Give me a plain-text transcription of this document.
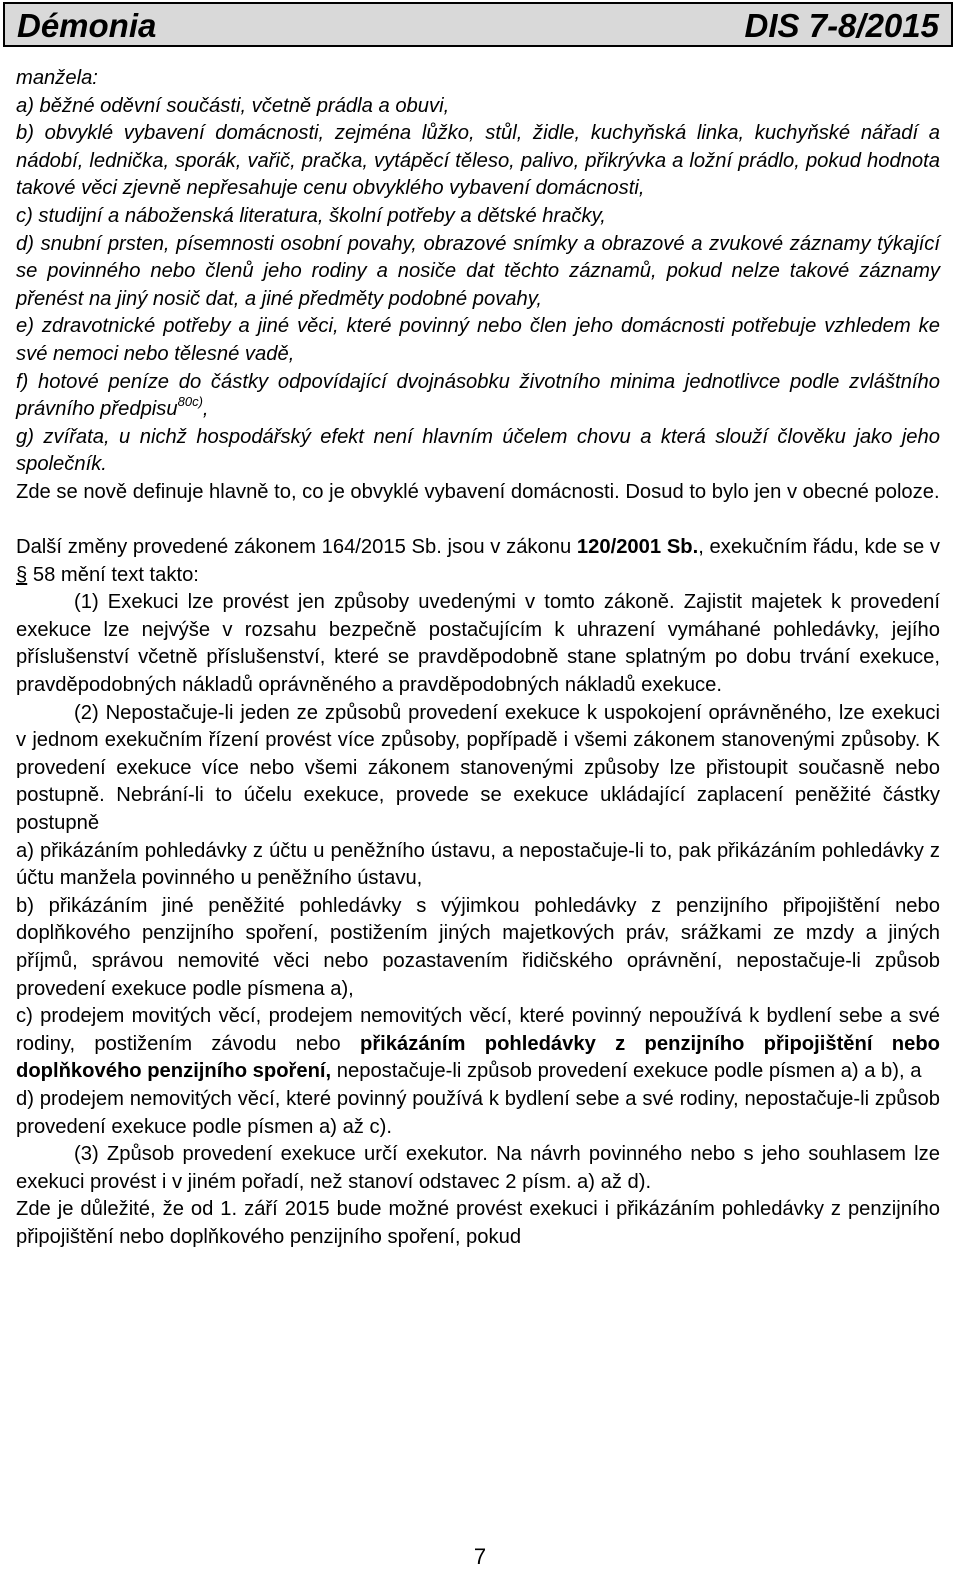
Démonia	DIS 7-8/2015

manžela:

a) běžné oděvní součásti, včetně prádla a obuvi,

b) obvyklé vybavení domácnosti, zejména lůžko, stůl, židle, kuchyňská linka, kuchyňské nářadí a nádobí, lednička, sporák, vařič, pračka, vytápěcí těleso, palivo, přikrývka a ložní prádlo, pokud hodnota takové věci zjevně nepřesahuje cenu obvyklého vybavení domácnosti,

c) studijní a náboženská literatura, školní potřeby a dětské hračky,

d) snubní prsten, písemnosti osobní povahy, obrazové snímky a obrazové a zvukové záznamy týkající se povinného nebo členů jeho rodiny a nosiče dat těchto záznamů, pokud nelze takové záznamy přenést na jiný nosič dat, a jiné předměty podobné povahy,

e) zdravotnické potřeby a jiné věci, které povinný nebo člen jeho domácnosti potřebuje vzhledem ke své nemoci nebo tělesné vadě,

f) hotové peníze do částky odpovídající dvojnásobku životního minima jednotlivce podle zvláštního právního předpisu$^{80c)}$,

g) zvířata, u nichž hospodářský efekt není hlavním účelem chovu a která slouží člověku jako jeho společník.

Zde se nově definuje hlavně to, co je obvyklé vybavení domácnosti. Dosud to bylo jen v obecné poloze.

Další změny provedené zákonem 164/2015 Sb. jsou v zákonu 120/2001 Sb., exekučním řádu, kde se v § 58 mění text takto:

(1) Exekuci lze provést jen způsoby uvedenými v tomto zákoně. Zajistit majetek k provedení exekuce lze nejvýše v rozsahu bezpečně postačujícím k uhrazení vymáhané pohledávky, jejího příslušenství včetně příslušenství, které se pravděpodobně stane splatným po dobu trvání exekuce, pravděpodobných nákladů oprávněného a pravděpodobných nákladů exekuce.

(2) Nepostačuje-li jeden ze způsobů provedení exekuce k uspokojení oprávněného, lze exekuci v jednom exekučním řízení provést více způsoby, popřípadě i všemi zákonem stanovenými způsoby. K provedení exekuce více nebo všemi zákonem stanovenými způsoby lze přistoupit současně nebo postupně. Nebrání-li to účelu exekuce, provede se exekuce ukládající zaplacení peněžité částky postupně

a) přikázáním pohledávky z účtu u peněžního ústavu, a nepostačuje-li to, pak přikázáním pohledávky z účtu manžela povinného u peněžního ústavu,

b) přikázáním jiné peněžité pohledávky s výjimkou pohledávky z penzijního připojištění nebo doplňkového penzijního spoření, postižením jiných majetkových práv, srážkami ze mzdy a jiných příjmů, správou nemovité věci nebo pozastavením řidičského oprávnění, nepostačuje-li způsob provedení exekuce podle písmena a),

c) prodejem movitých věcí, prodejem nemovitých věcí, které povinný nepoužívá k bydlení sebe a své rodiny, postižením závodu nebo přikázáním pohledávky z penzijního připojištění nebo doplňkového penzijního spoření, nepostačuje-li způsob provedení exekuce podle písmen a) a b), a

d) prodejem nemovitých věcí, které povinný používá k bydlení sebe a své rodiny, nepostačuje-li způsob provedení exekuce podle písmen a) až c).

(3) Způsob provedení exekuce určí exekutor. Na návrh povinného nebo s jeho souhlasem lze exekuci provést i v jiném pořadí, než stanoví odstavec 2 písm. a) až d).

Zde je důležité, že od 1. září 2015 bude možné provést exekuci i přikázáním pohledávky z penzijního připojištění nebo doplňkového penzijního spoření, pokud

7
